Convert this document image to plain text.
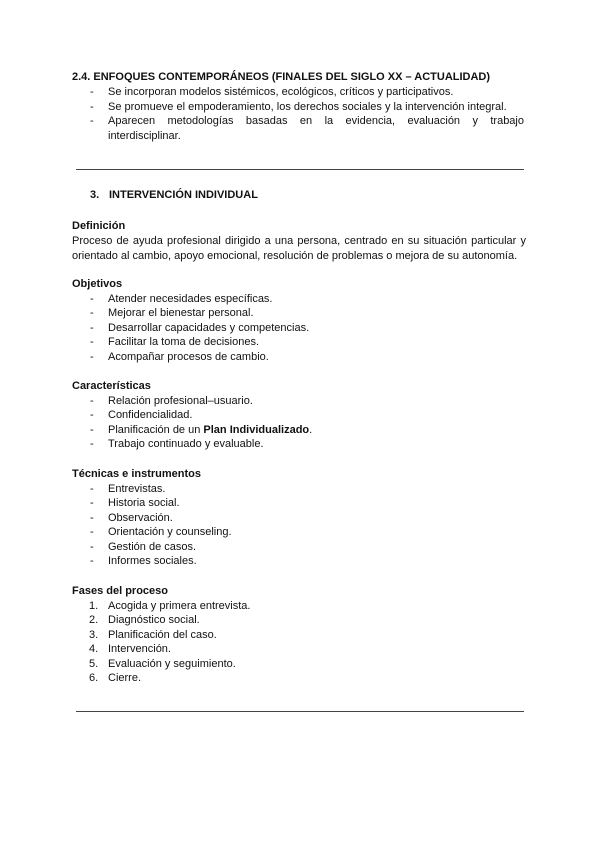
2.4. ENFOQUES CONTEMPORÁNEOS (FINALES DEL SIGLO XX – ACTUALIDAD)

- Se incorporan modelos sistémicos, ecológicos, críticos y participativos.
- Se promueve el empoderamiento, los derechos sociales y la intervención integral.
- Aparecen metodologías basadas en la evidencia, evaluación y trabajo interdisciplinar.
3. INTERVENCIÓN INDIVIDUAL

Definición

Proceso de ayuda profesional dirigido a una persona, centrado en su situación particular y orientado al cambio, apoyo emocional, resolución de problemas o mejora de su autonomía.

Objetivos

- Atender necesidades específicas.
- Mejorar el bienestar personal.
- Desarrollar capacidades y competencias.
- Facilitar la toma de decisiones.
- Acompañar procesos de cambio.

Características

- Relación profesional–usuario.
- Confidencialidad.
- Planificación de un Plan Individualizado.
- Trabajo continuado y evaluable.

Técnicas e instrumentos

- Entrevistas.
- Historia social.
- Observación.
- Orientación y counseling.
- Gestión de casos.
- Informes sociales.

Fases del proceso

1. Acogida y primera entrevista.
2. Diagnóstico social.
3. Planificación del caso.
4. Intervención.
5. Evaluación y seguimiento.
6. Cierre.
